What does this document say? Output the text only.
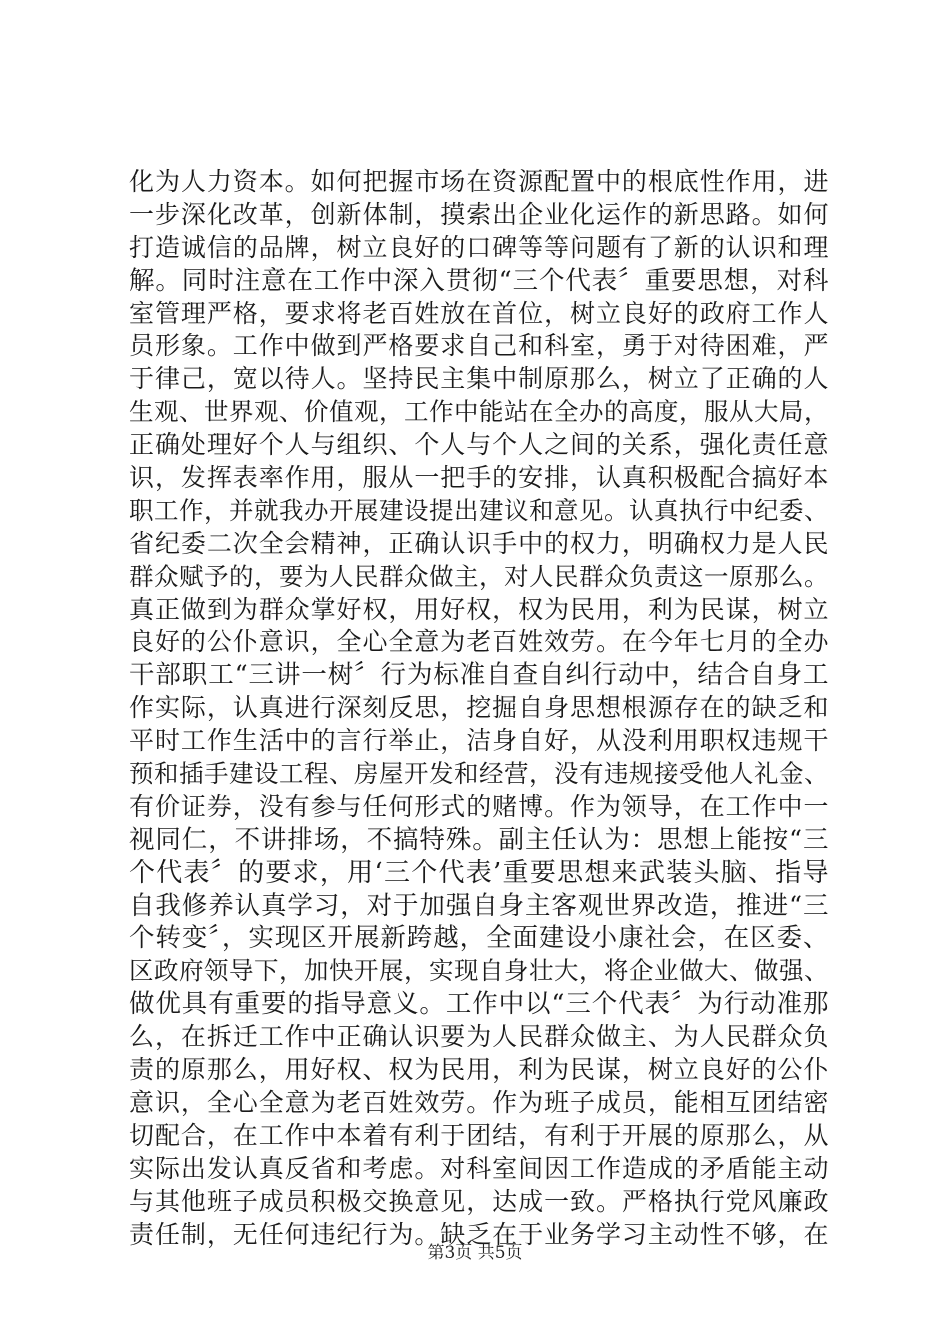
化为人力资本。如何把握市场在资源配置中的根底性作用，进
一步深化改革，创新体制，摸索出企业化运作的新思路。如何
打造诚信的品牌，树立良好的口碑等等问题有了新的认识和理
解。同时注意在工作中深入贯彻“三个代表〞重要思想，对科
室管理严格，要求将老百姓放在首位，树立良好的政府工作人
员形象。工作中做到严格要求自己和科室，勇于对待困难，严
于律己，宽以待人。坚持民主集中制原那么，树立了正确的人
生观、世界观、价值观，工作中能站在全办的高度，服从大局，
正确处理好个人与组织、个人与个人之间的关系，强化责任意
识，发挥表率作用，服从一把手的安排，认真积极配合搞好本
职工作，并就我办开展建设提出建议和意见。认真执行中纪委、
省纪委二次全会精神，正确认识手中的权力，明确权力是人民
群众赋予的，要为人民群众做主，对人民群众负责这一原那么。
真正做到为群众掌好权，用好权，权为民用，利为民谋，树立
良好的公仆意识，全心全意为老百姓效劳。在今年七月的全办
干部职工“三讲一树〞行为标准自查自纠行动中，结合自身工
作实际，认真进行深刻反思，挖掘自身思想根源存在的缺乏和
平时工作生活中的言行举止，洁身自好，从没利用职权违规干
预和插手建设工程、房屋开发和经营，没有违规接受他人礼金、
有价证券，没有参与任何形式的赌博。作为领导，在工作中一
视同仁，不讲排场，不搞特殊。副主任认为：思想上能按“三
个代表〞的要求，用‘三个代表’重要思想来武装头脑、指导
自我修养认真学习，对于加强自身主客观世界改造，推进“三
个转变〞，实现区开展新跨越，全面建设小康社会，在区委、
区政府领导下，加快开展，实现自身壮大，将企业做大、做强、
做优具有重要的指导意义。工作中以“三个代表〞为行动准那
么，在拆迁工作中正确认识要为人民群众做主、为人民群众负
责的原那么，用好权、权为民用，利为民谋，树立良好的公仆
意识，全心全意为老百姓效劳。作为班子成员，能相互团结密
切配合，在工作中本着有利于团结，有利于开展的原那么，从
实际出发认真反省和考虑。对科室间因工作造成的矛盾能主动
与其他班子成员积极交换意见，达成一致。严格执行党风廉政
责任制，无任何违纪行为。缺乏在于业务学习主动性不够，在
第3页 共5页
